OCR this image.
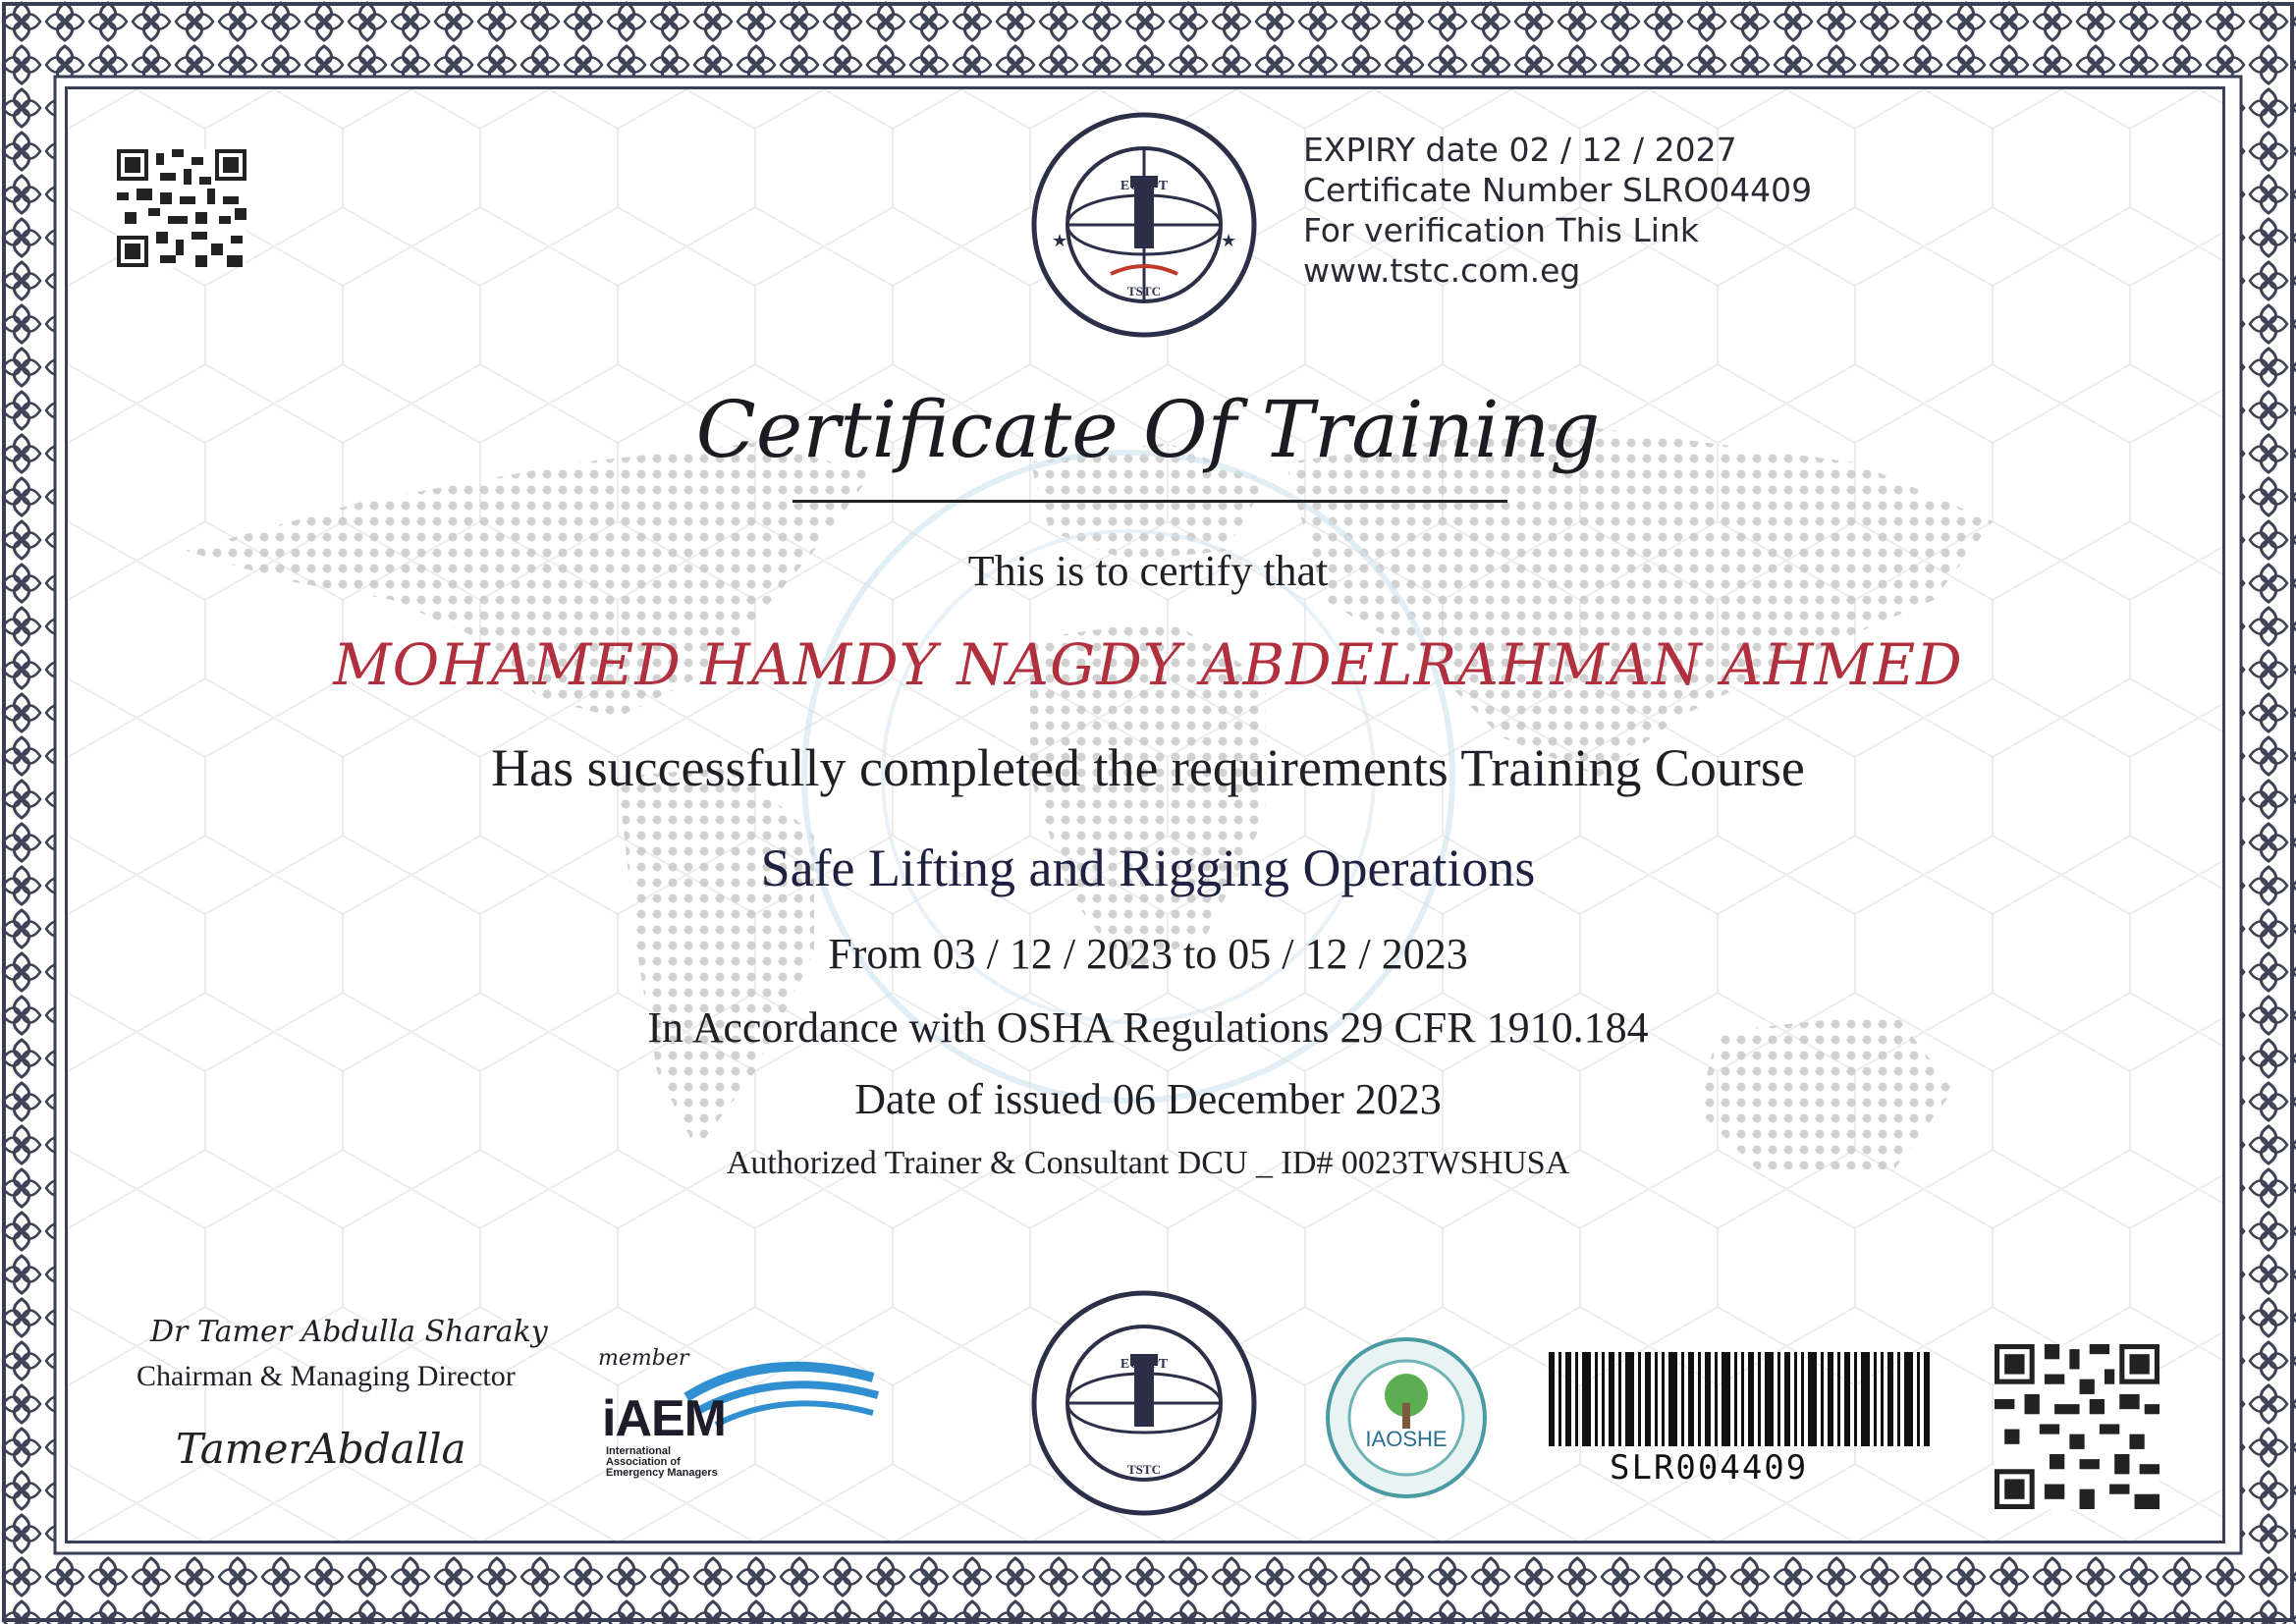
EGYPT
TSTC
★	★
EXPIRY date 02 / 12 / 2027
Certificate Number SLRO04409
For verification This Link
www.tstc.com.eg
Certificate Of Training
This is to certify that
MOHAMED HAMDY NAGDY ABDELRAHMAN AHMED
Has successfully completed the requirements Training Course
Safe Lifting and Rigging Operations
From 03 / 12 / 2023 to 05 / 12 / 2023
In Accordance with OSHA Regulations 29 CFR 1910.184
Date of issued 06 December 2023
Authorized Trainer & Consultant DCU _ ID# 0023TWSHUSA
Dr Tamer Abdulla Sharaky
Chairman & Managing Director
TamerAbdalla
member
iAEM
International
Association of
Emergency Managers
EGYPT
TSTC
IAOSHE
SLR004409
